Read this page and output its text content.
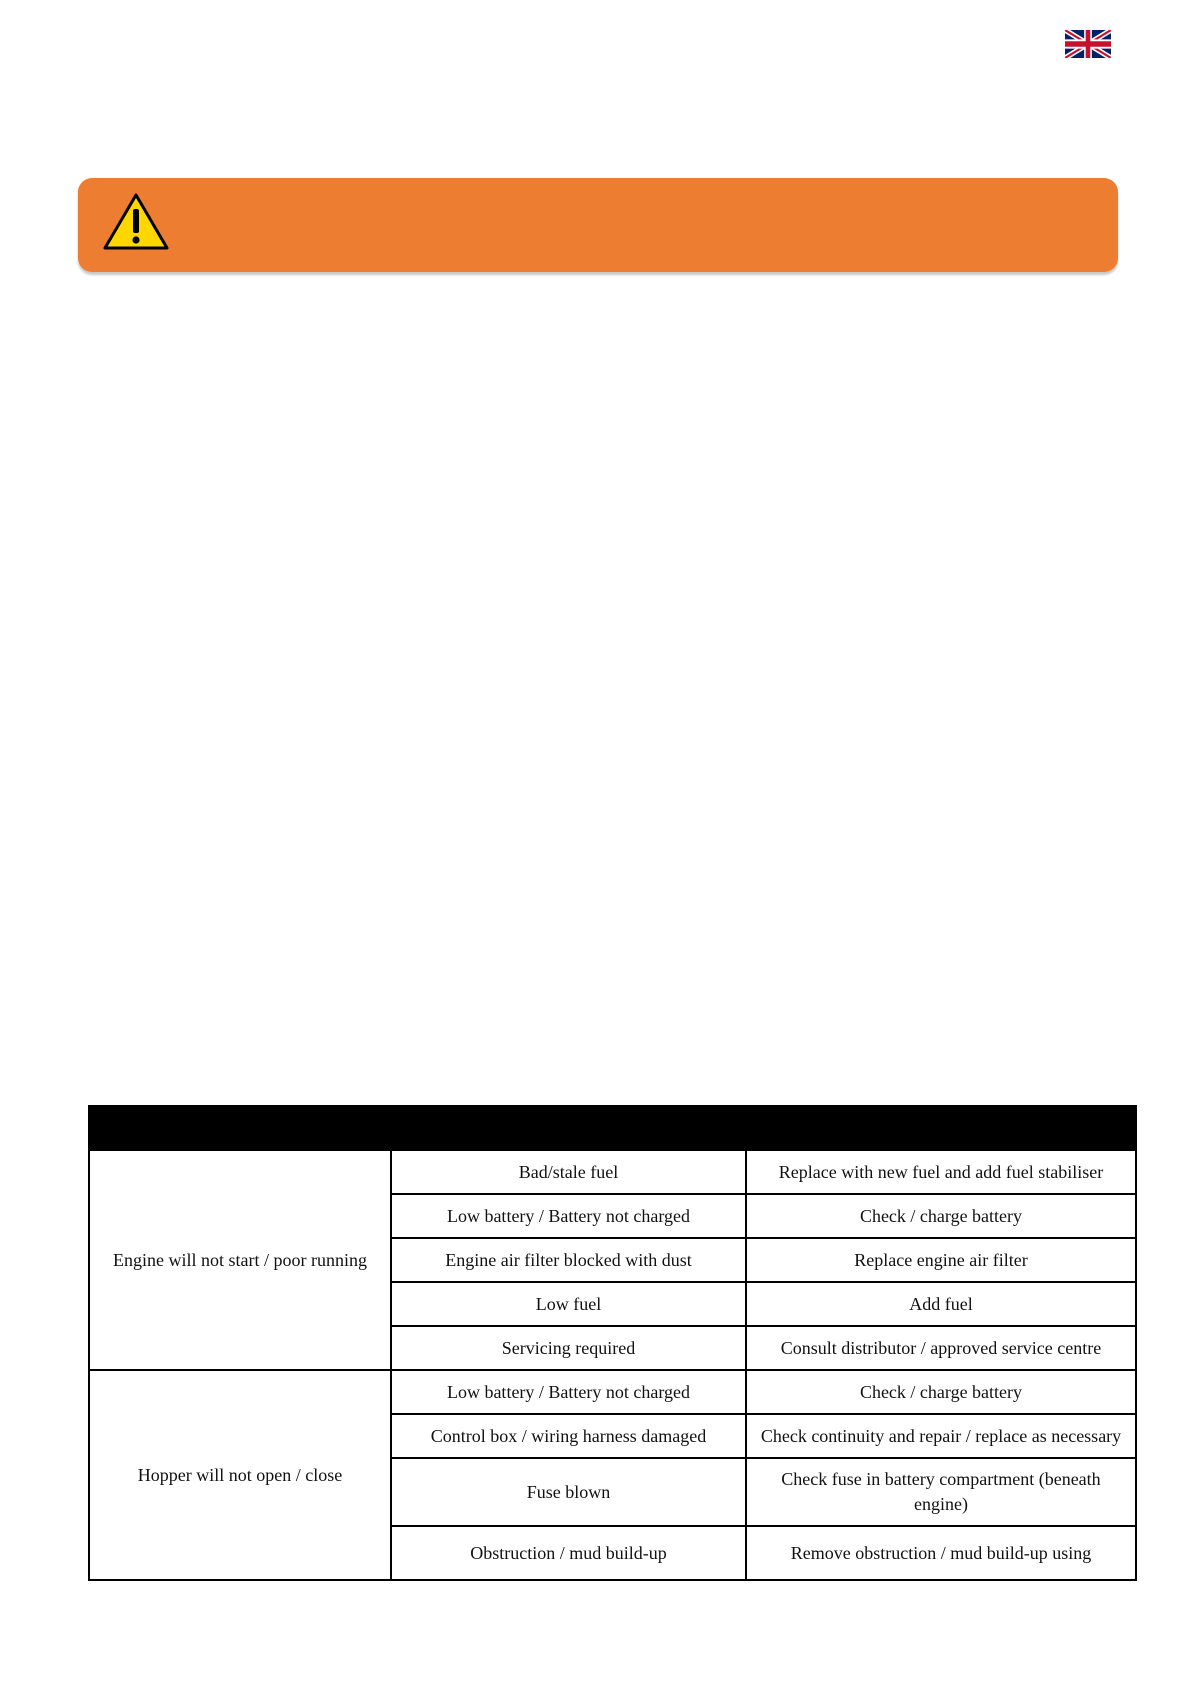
Engine will not start / poor running	Bad/stale fuel	Replace with new fuel and add fuel stabiliser
	Low battery / Battery not charged	Check / charge battery
	Engine air filter blocked with dust	Replace engine air filter
	Low fuel	Add fuel
	Servicing required	Consult distributor / approved service centre
Hopper will not open / close	Low battery / Battery not charged	Check / charge battery
	Control box / wiring harness damaged	Check continuity and repair / replace as necessary
	Fuse blown	Check fuse in battery compartment (beneath engine)
	Obstruction / mud build-up	Remove obstruction / mud build-up using
